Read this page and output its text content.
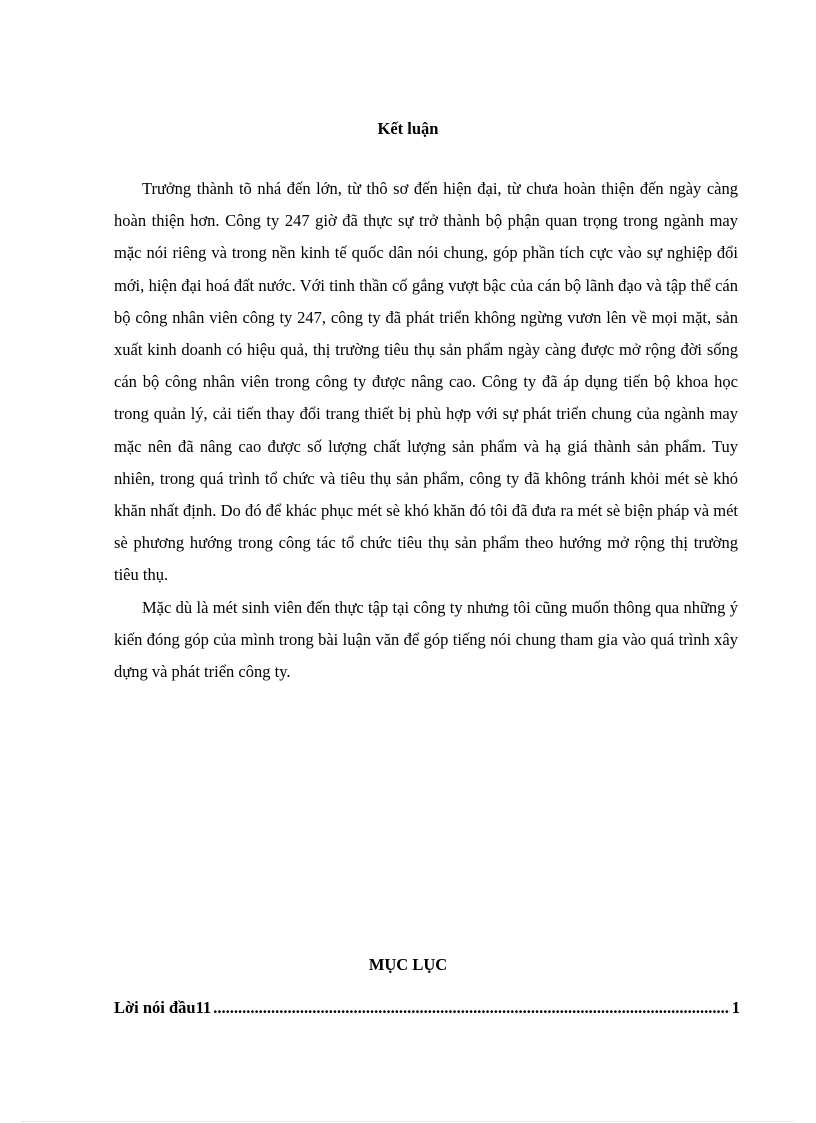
Kết luận

Trưởng thành tõ nhá đến lớn, từ thô sơ đến hiện đại, từ chưa hoàn thiện đến ngày càng hoàn thiện hơn. Công ty 247 giờ đã thực sự trở thành bộ phận quan trọng trong ngành may mặc nói riêng và trong nền kinh tế quốc dân nói chung, góp phần tích cực vào sự nghiệp đổi mới, hiện đại hoá đất nước. Với tinh thần cố gắng vượt bậc của cán bộ lãnh đạo và tập thể cán bộ công nhân viên công ty 247, công ty đã phát triển không ngừng vươn lên về mọi mặt, sản xuất kinh doanh có hiệu quả, thị trường tiêu thụ sản phẩm ngày càng được mở rộng đời sống cán bộ công nhân viên trong công ty được nâng cao. Công ty đã áp dụng tiến bộ khoa học trong quản lý, cải tiến thay đổi trang thiết bị phù hợp với sự phát triển chung của ngành may mặc nên đã nâng cao được số lượng chất lượng sản phẩm và hạ giá thành sản phẩm. Tuy nhiên, trong quá trình tổ chức và tiêu thụ sản phẩm, công ty đã không tránh khỏi mét sè khó khăn nhất định. Do đó để khác phục mét sè khó khăn đó tôi đã đưa ra mét sè biện pháp và mét sè phương hướng trong công tác tổ chức tiêu thụ sản phẩm theo hướng mở rộng thị trường tiêu thụ.

Mặc dù là mét sinh viên đến thực tập tại công ty nhưng tôi cũng muốn thông qua những ý kiến đóng góp của mình trong bài luận văn để góp tiếng nói chung tham gia vào quá trình xây dựng và phát triển công ty.

MỤC LỤC
Lời nói đầu11
.....	1
